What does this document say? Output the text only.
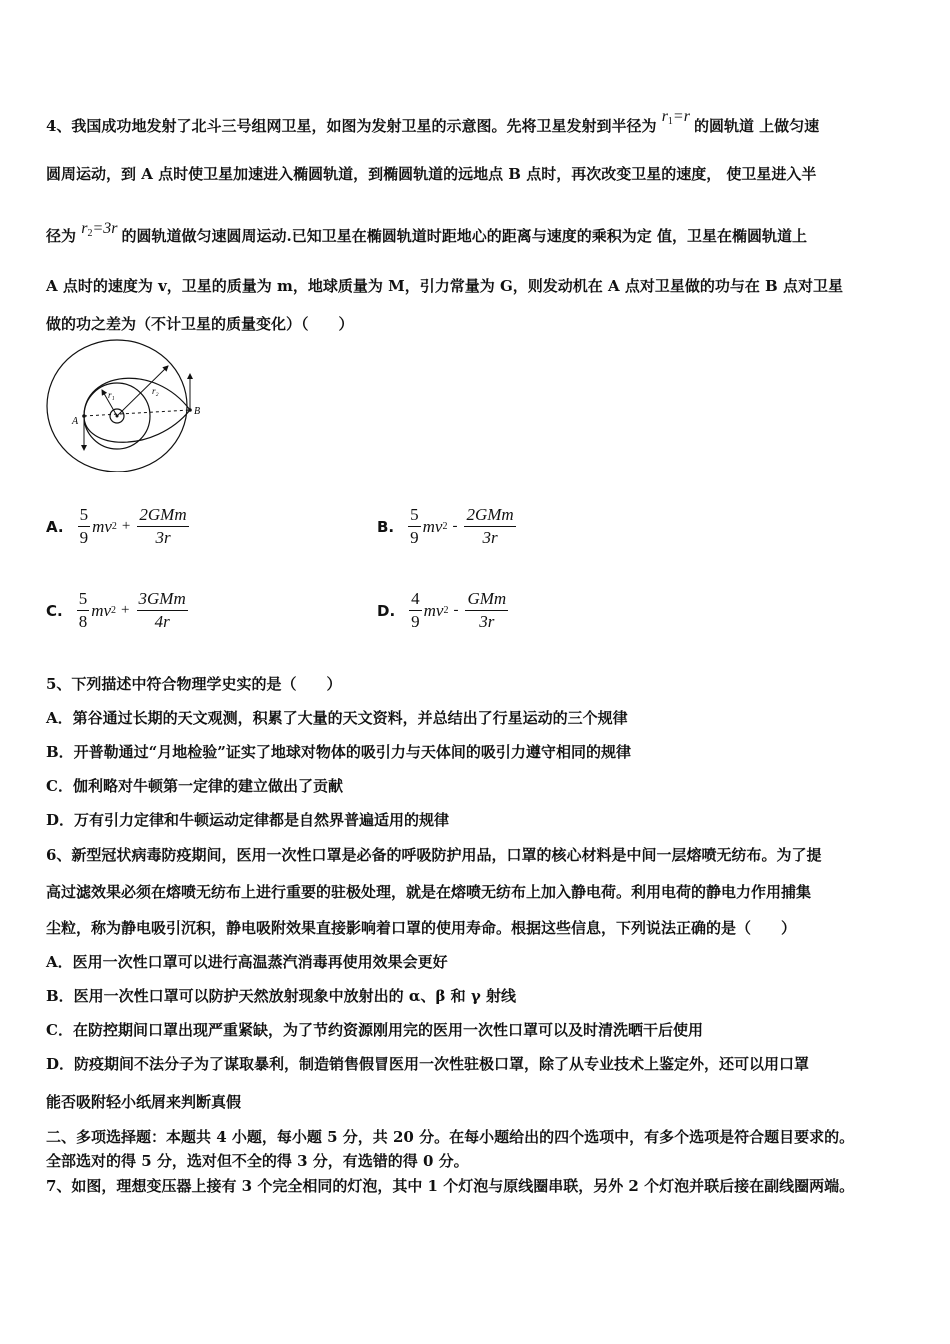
4、我国成功地发射了北斗三号组网卫星，如图为发射卫星的示意图。先将卫星发射到半径为 $r_1=r$ 的圆轨道 上做匀速
圆周运动，到 A 点时使卫星加速进入椭圆轨道，到椭圆轨道的远地点 B 点时，再次改变卫星的速度， 使卫星进入半
径为 $r_2=3r$ 的圆轨道做匀速圆周运动.已知卫星在椭圆轨道时距地心的距离与速度的乘积为定 值，卫星在椭圆轨道上
A 点时的速度为 v，卫星的质量为 m，地球质量为 M，引力常量为 G，则发动机在 A 点对卫星做的功与在 B 点对卫星
做的功之差为（不计卫星的质量变化）（　　）
A
B
r₁	r₂
A. $\frac{5}{9}$ mv $2 + \frac{\text{2GMm}}{3r}$	B. $\frac{5}{9}$ mv $2 - \frac{\text{2GMm}}{3r}$
C. $\frac{5}{8}$ mv $2 + \frac{\text{3GMm}}{4r}$	D. $\frac{4}{9}$ mv $2 - \frac{\text{GMm}}{3r}$
5、下列描述中符合物理学史实的是（　　）
A．第谷通过长期的天文观测，积累了大量的天文资料，并总结出了行星运动的三个规律
B．开普勒通过“月地检验”证实了地球对物体的吸引力与天体间的吸引力遵守相同的规律
C．伽利略对牛顿第一定律的建立做出了贡献
D．万有引力定律和牛顿运动定律都是自然界普遍适用的规律
6、新型冠状病毒防疫期间，医用一次性口罩是必备的呼吸防护用品，口罩的核心材料是中间一层熔喷无纺布。为了提
高过滤效果必须在熔喷无纺布上进行重要的驻极处理，就是在熔喷无纺布上加入静电荷。利用电荷的静电力作用捕集
尘粒，称为静电吸引沉积，静电吸附效果直接影响着口罩的使用寿命。根据这些信息，下列说法正确的是（　　）
A．医用一次性口罩可以进行高温蒸汽消毒再使用效果会更好
B．医用一次性口罩可以防护天然放射现象中放射出的 α、β 和 γ 射线
C．在防控期间口罩出现严重紧缺，为了节约资源刚用完的医用一次性口罩可以及时清洗晒干后使用
D．防疫期间不法分子为了谋取暴利，制造销售假冒医用一次性驻极口罩，除了从专业技术上鉴定外，还可以用口罩
能否吸附轻小纸屑来判断真假
二、多项选择题：本题共 4 小题，每小题 5 分，共 20 分。在每小题给出的四个选项中，有多个选项是符合题目要求的。
全部选对的得 5 分，选对但不全的得 3 分，有选错的得 0 分。
7、如图，理想变压器上接有 3 个完全相同的灯泡，其中 1 个灯泡与原线圈串联，另外 2 个灯泡并联后接在副线圈两端。
